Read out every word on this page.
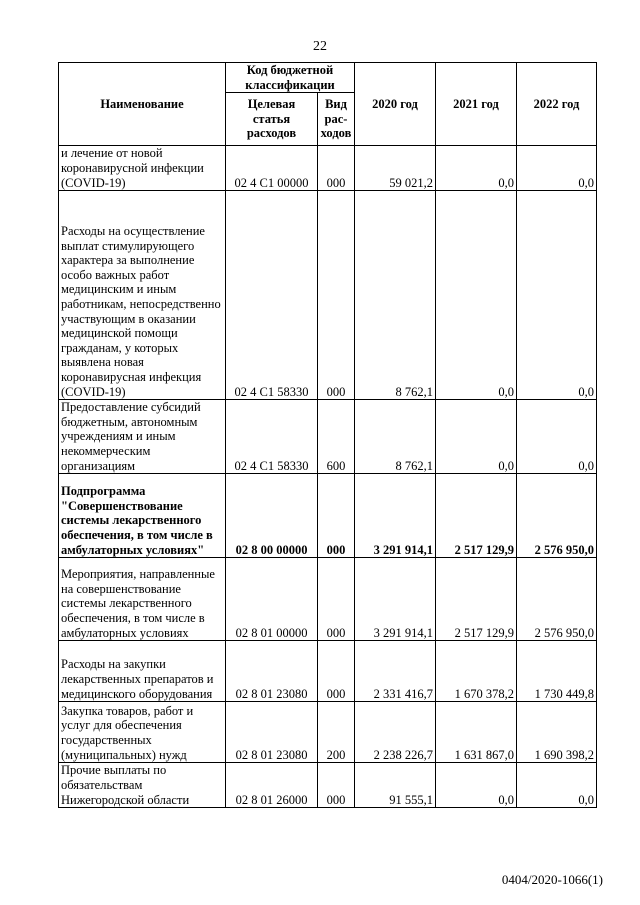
22
Наименование	Код бюджетной классификации		2020 год	2021 год	2022 год
	Целевая статья расходов	Вид рас-ходов			
и лечение от новой коронавирусной инфекции (COVID-19)	02 4 C1 00000	000	59 021,2	0,0	0,0
Расходы на осуществление выплат стимулирующего характера за выполнение особо важных работ медицинским и иным работникам, непосредственно участвующим в оказании медицинской помощи гражданам, у которых выявлена новая коронавирусная инфекция (COVID-19)	02 4 C1 58330	000	8 762,1	0,0	0,0
Предоставление субсидий бюджетным, автономным учреждениям и иным некоммерческим организациям	02 4 C1 58330	600	8 762,1	0,0	0,0
Подпрограмма "Совершенствование системы лекарственного обеспечения, в том числе в амбулаторных условиях"	02 8 00 00000	000	3 291 914,1	2 517 129,9	2 576 950,0
Мероприятия, направленные на совершенствование системы лекарственного обеспечения, в том числе в амбулаторных условиях	02 8 01 00000	000	3 291 914,1	2 517 129,9	2 576 950,0
Расходы на закупки лекарственных препаратов и медицинского оборудования	02 8 01 23080	000	2 331 416,7	1 670 378,2	1 730 449,8
Закупка товаров, работ и услуг для обеспечения государственных (муниципальных) нужд	02 8 01 23080	200	2 238 226,7	1 631 867,0	1 690 398,2
Прочие выплаты по обязательствам Нижегородской области	02 8 01 26000	000	91 555,1	0,0	0,0
0404/2020-1066(1)
